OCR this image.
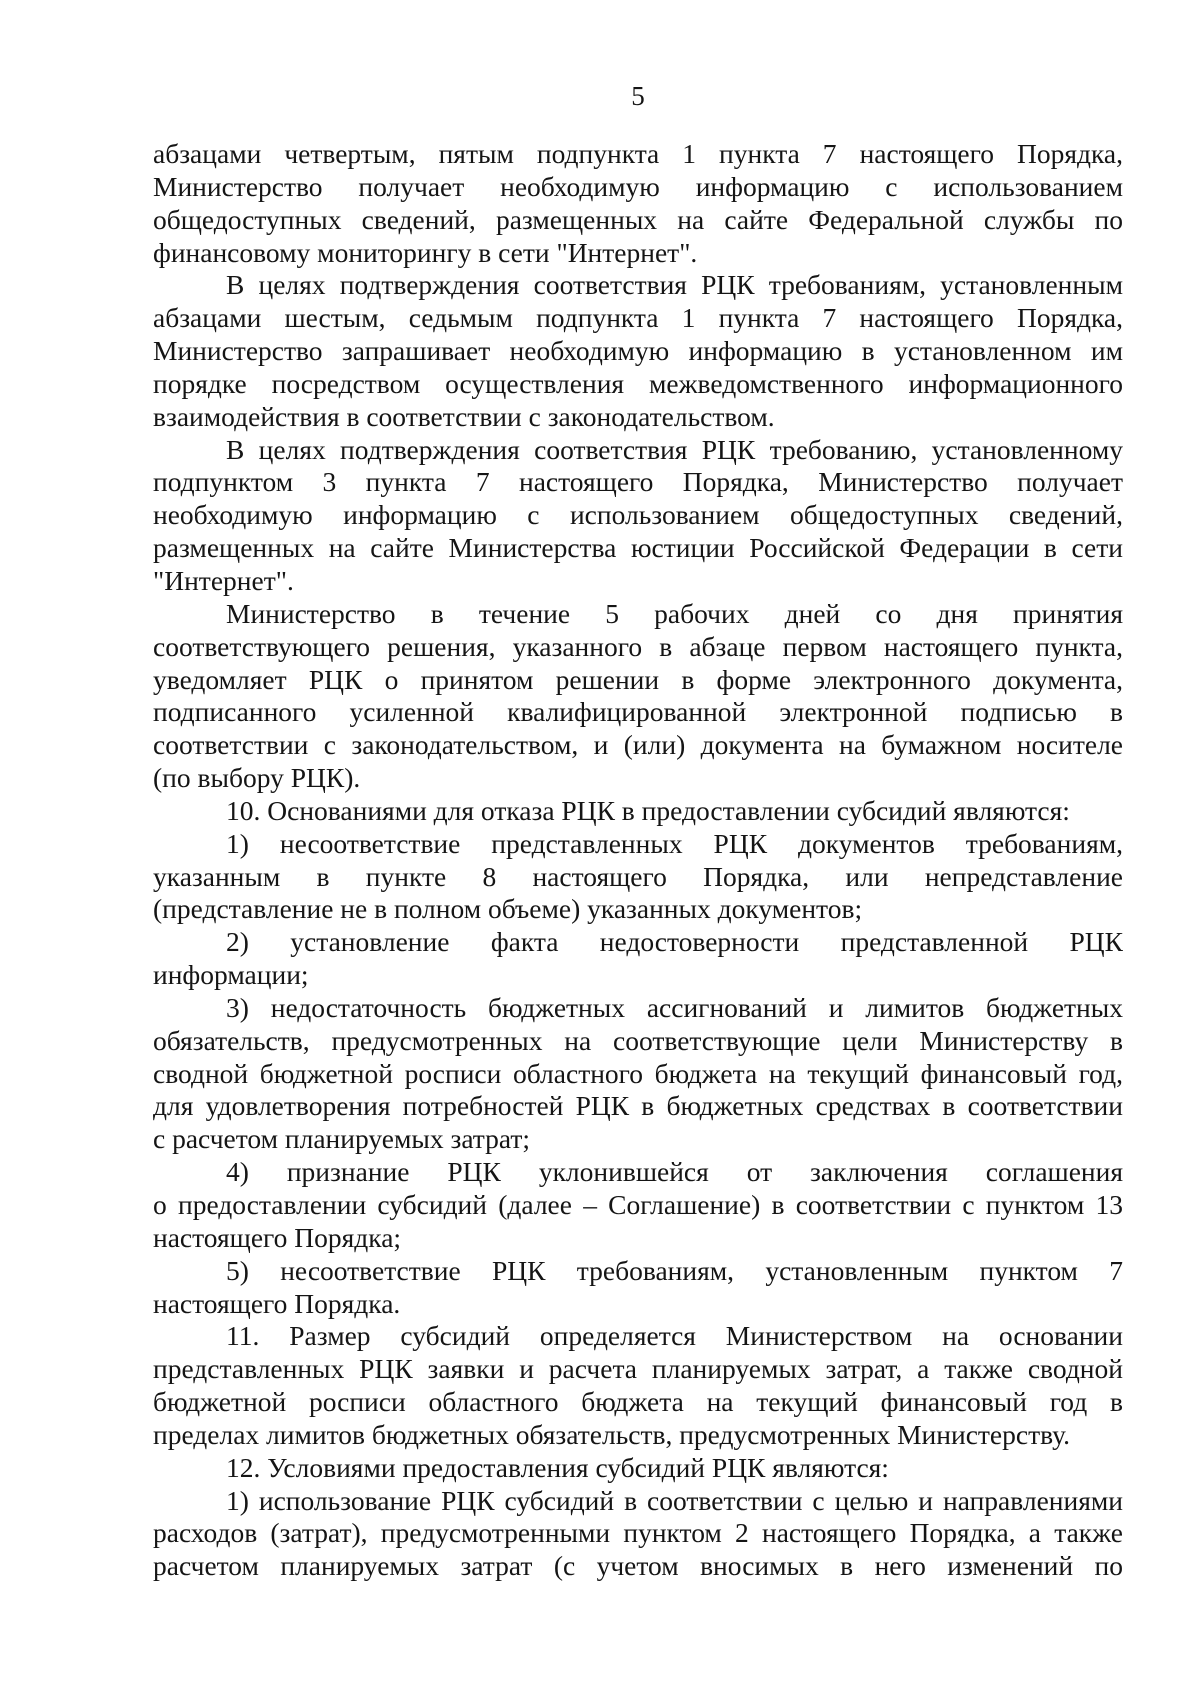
5

абзацами четвертым, пятым подпункта 1 пункта 7 настоящего Порядка,
Министерство получает необходимую информацию с использованием
общедоступных сведений, размещенных на сайте Федеральной службы по
финансовому мониторингу в сети "Интернет".

В целях подтверждения соответствия РЦК требованиям, установленным
абзацами шестым, седьмым подпункта 1 пункта 7 настоящего Порядка,
Министерство запрашивает необходимую информацию в установленном им
порядке посредством осуществления межведомственного информационного
взаимодействия в соответствии с законодательством.

В целях подтверждения соответствия РЦК требованию, установленному
подпунктом 3 пункта 7 настоящего Порядка, Министерство получает
необходимую информацию с использованием общедоступных сведений,
размещенных на сайте Министерства юстиции Российской Федерации в сети
"Интернет".

Министерство в течение 5 рабочих дней со дня принятия
соответствующего решения, указанного в абзаце первом настоящего пункта,
уведомляет РЦК о принятом решении в форме электронного документа,
подписанного усиленной квалифицированной электронной подписью в
соответствии с законодательством, и (или) документа на бумажном носителе
(по выбору РЦК).

10. Основаниями для отказа РЦК в предоставлении субсидий являются:

1) несоответствие представленных РЦК документов требованиям,
указанным в пункте 8 настоящего Порядка, или непредставление
(представление не в полном объеме) указанных документов;

2) установление факта недостоверности представленной РЦК
информации;

3) недостаточность бюджетных ассигнований и лимитов бюджетных
обязательств, предусмотренных на соответствующие цели Министерству в
сводной бюджетной росписи областного бюджета на текущий финансовый год,
для удовлетворения потребностей РЦК в бюджетных средствах в соответствии
с расчетом планируемых затрат;

4) признание РЦК уклонившейся от заключения соглашения
о предоставлении субсидий (далее – Соглашение) в соответствии с пунктом 13
настоящего Порядка;

5) несоответствие РЦК требованиям, установленным пунктом 7
настоящего Порядка.

11. Размер субсидий определяется Министерством на основании
представленных РЦК заявки и расчета планируемых затрат, а также сводной
бюджетной росписи областного бюджета на текущий финансовый год в
пределах лимитов бюджетных обязательств, предусмотренных Министерству.

12. Условиями предоставления субсидий РЦК являются:

1) использование РЦК субсидий в соответствии с целью и направлениями
расходов (затрат), предусмотренными пунктом 2 настоящего Порядка, а также
расчетом планируемых затрат (с учетом вносимых в него изменений по
